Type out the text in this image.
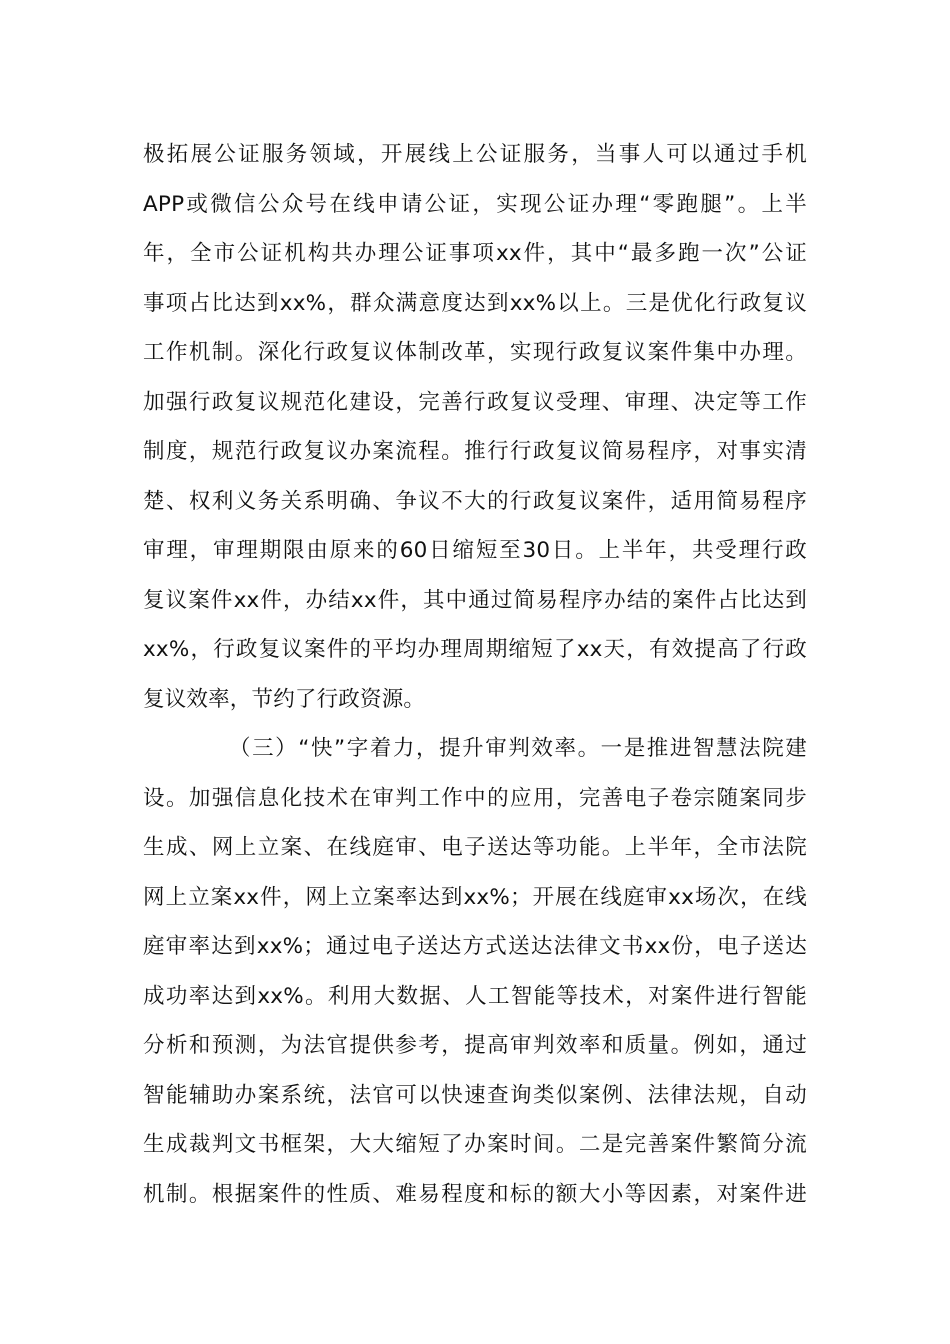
极拓展公证服务领域，开展线上公证服务，当事人可以通过手机
APP或微信公众号在线申请公证，实现公证办理“零跑腿”。上半
年，全市公证机构共办理公证事项xx件，其中“最多跑一次”公证
事项占比达到xx%，群众满意度达到xx%以上。三是优化行政复议
工作机制。深化行政复议体制改革，实现行政复议案件集中办理。
加强行政复议规范化建设，完善行政复议受理、审理、决定等工作
制度，规范行政复议办案流程。推行行政复议简易程序，对事实清
楚、权利义务关系明确、争议不大的行政复议案件，适用简易程序
审理，审理期限由原来的60日缩短至30日。上半年，共受理行政
复议案件xx件，办结xx件，其中通过简易程序办结的案件占比达到
xx%，行政复议案件的平均办理周期缩短了xx天，有效提高了行政
复议效率，节约了行政资源。
（三）“快”字着力，提升审判效率。一是推进智慧法院建
设。加强信息化技术在审判工作中的应用，完善电子卷宗随案同步
生成、网上立案、在线庭审、电子送达等功能。上半年，全市法院
网上立案xx件，网上立案率达到xx%；开展在线庭审xx场次，在线
庭审率达到xx%；通过电子送达方式送达法律文书xx份，电子送达
成功率达到xx%。利用大数据、人工智能等技术，对案件进行智能
分析和预测，为法官提供参考，提高审判效率和质量。例如，通过
智能辅助办案系统，法官可以快速查询类似案例、法律法规，自动
生成裁判文书框架，大大缩短了办案时间。二是完善案件繁简分流
机制。根据案件的性质、难易程度和标的额大小等因素，对案件进
